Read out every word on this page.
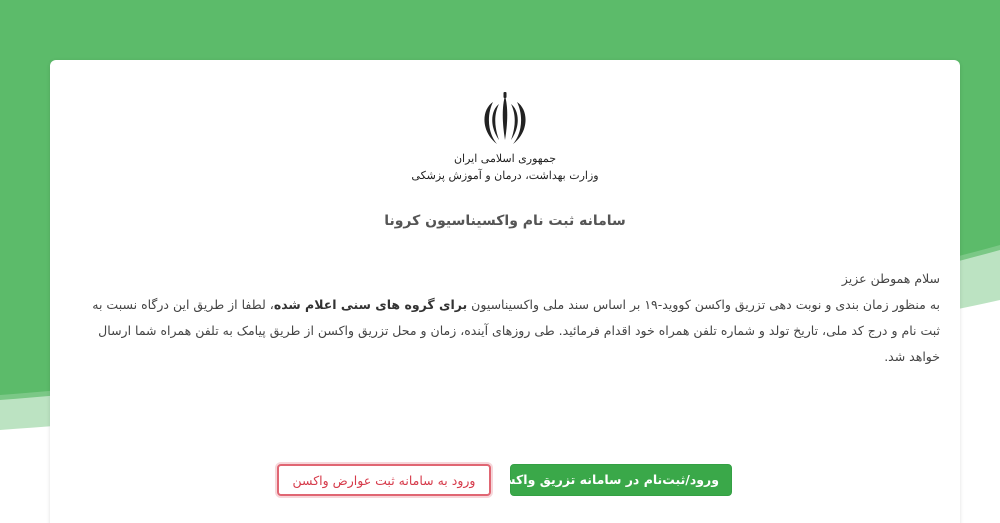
جمهوری اسلامی ایران
وزارت بهداشت، درمان و آموزش پزشکی
سامانه ثبت نام واکسیناسیون کرونا

سلام هموطن عزیز

به منظور زمان بندی و نوبت دهی تزریق واکسن کووید-۱۹ بر اساس سند ملی واکسیناسیون برای گروه های سنی اعلام شده، لطفا از طریق این درگاه نسبت به ثبت نام و درج کد ملی، تاریخ تولد و شماره تلفن همراه خود اقدام فرمائید. طی روزهای آینده، زمان و محل تزریق واکسن از طریق پیامک به تلفن همراه شما ارسال خواهد شد.

ورود/ثبت‌نام در سامانه تزریق واکسن
ورود به سامانه ثبت عوارض واکسن
